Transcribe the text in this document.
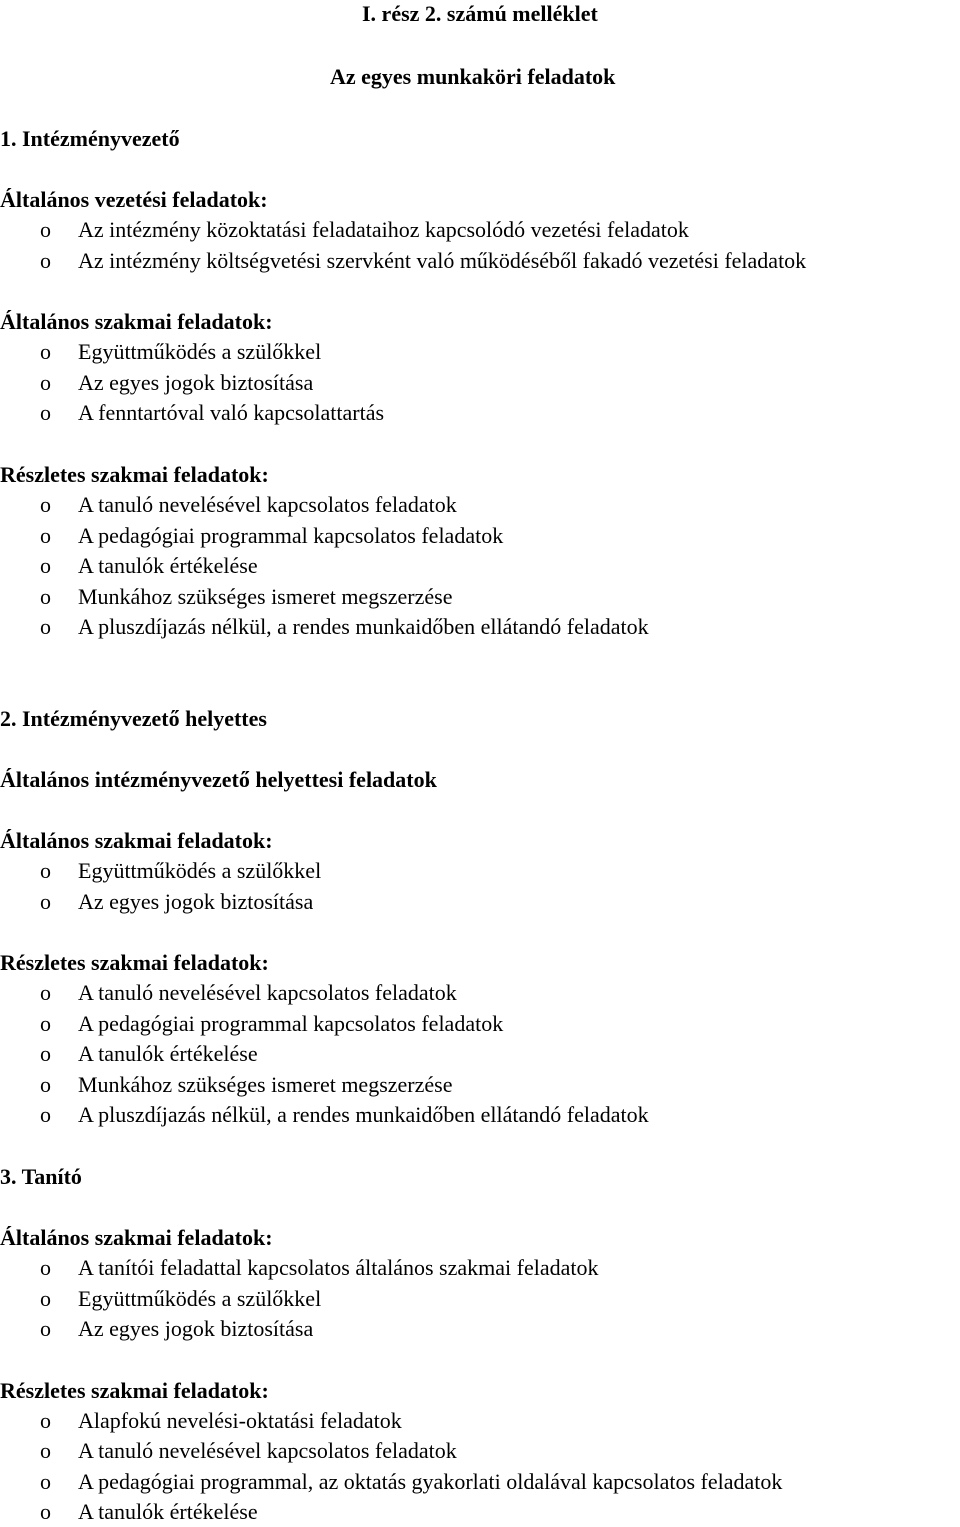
I. rész 2. számú melléklet
Az egyes munkaköri feladatok
1. Intézményvezető
Általános vezetési feladatok:
o Az intézmény közoktatási feladataihoz kapcsolódó vezetési feladatok
o Az intézmény költségvetési szervként való működéséből fakadó vezetési feladatok
Általános szakmai feladatok:
o Együttműködés a szülőkkel
o Az egyes jogok biztosítása
o A fenntartóval való kapcsolattartás
Részletes szakmai feladatok:
o A tanuló nevelésével kapcsolatos feladatok
o A pedagógiai programmal kapcsolatos feladatok
o A tanulók értékelése
o Munkához szükséges ismeret megszerzése
o A pluszdíjazás nélkül, a rendes munkaidőben ellátandó feladatok
2. Intézményvezető helyettes
Általános intézményvezető helyettesi feladatok
Általános szakmai feladatok:
o Együttműködés a szülőkkel
o Az egyes jogok biztosítása
Részletes szakmai feladatok:
o A tanuló nevelésével kapcsolatos feladatok
o A pedagógiai programmal kapcsolatos feladatok
o A tanulók értékelése
o Munkához szükséges ismeret megszerzése
o A pluszdíjazás nélkül, a rendes munkaidőben ellátandó feladatok
3. Tanító
Általános szakmai feladatok:
o A tanítói feladattal kapcsolatos általános szakmai feladatok
o Együttműködés a szülőkkel
o Az egyes jogok biztosítása
Részletes szakmai feladatok:
o Alapfokú nevelési-oktatási feladatok
o A tanuló nevelésével kapcsolatos feladatok
o A pedagógiai programmal, az oktatás gyakorlati oldalával kapcsolatos feladatok
o A tanulók értékelése
